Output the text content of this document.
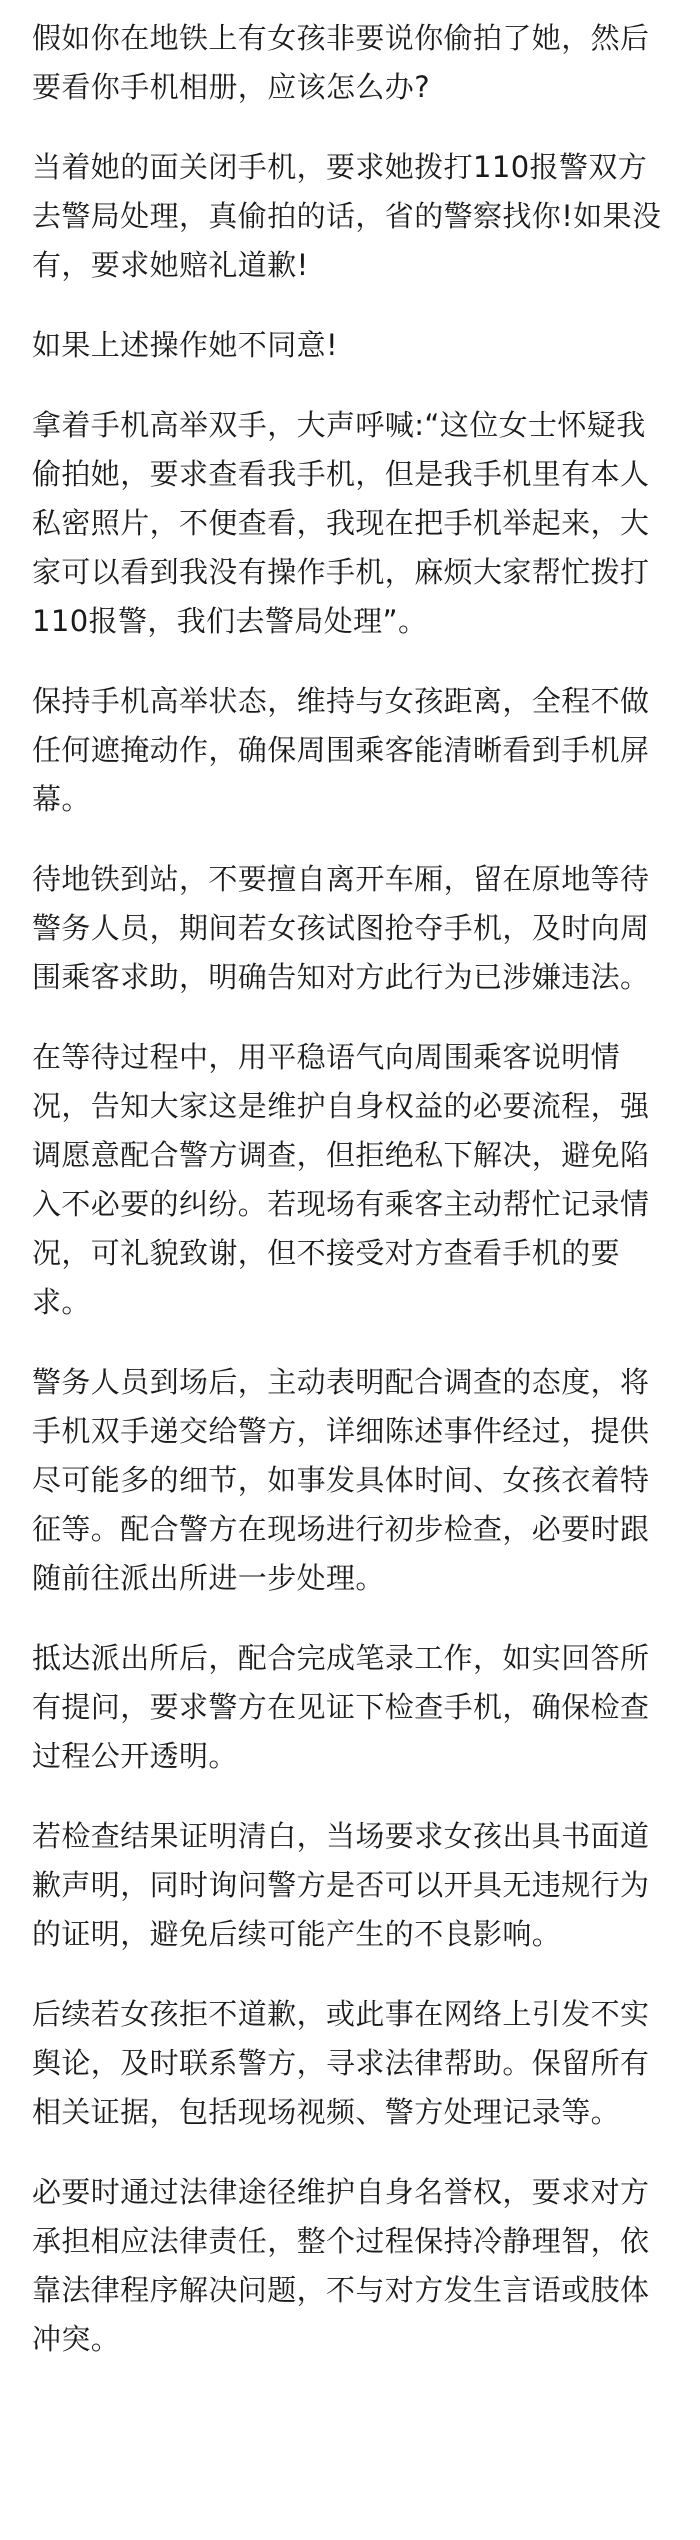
假如你在地铁上有女孩非要说你偷拍了她，然后要看你手机相册，应该怎么办?

当着她的面关闭手机，要求她拨打110报警双方去警局处理，真偷拍的话，省的警察找你!如果没有，要求她赔礼道歉!

如果上述操作她不同意!

拿着手机高举双手，大声呼喊:“这位女士怀疑我偷拍她，要求查看我手机，但是我手机里有本人私密照片，不便查看，我现在把手机举起来，大家可以看到我没有操作手机，麻烦大家帮忙拨打110报警，我们去警局处理”。

保持手机高举状态，维持与女孩距离，全程不做任何遮掩动作，确保周围乘客能清晰看到手机屏幕。

待地铁到站，不要擅自离开车厢，留在原地等待警务人员，期间若女孩试图抢夺手机，及时向周围乘客求助，明确告知对方此行为已涉嫌违法。

在等待过程中，用平稳语气向周围乘客说明情况，告知大家这是维护自身权益的必要流程，强调愿意配合警方调查，但拒绝私下解决，避免陷入不必要的纠纷。若现场有乘客主动帮忙记录情况，可礼貌致谢，但不接受对方查看手机的要求。

警务人员到场后，主动表明配合调查的态度，将手机双手递交给警方，详细陈述事件经过，提供尽可能多的细节，如事发具体时间、女孩衣着特征等。配合警方在现场进行初步检查，必要时跟随前往派出所进一步处理。

抵达派出所后，配合完成笔录工作，如实回答所有提问，要求警方在见证下检查手机，确保检查过程公开透明。

若检查结果证明清白，当场要求女孩出具书面道歉声明，同时询问警方是否可以开具无违规行为的证明，避免后续可能产生的不良影响。

后续若女孩拒不道歉，或此事在网络上引发不实舆论，及时联系警方，寻求法律帮助。保留所有相关证据，包括现场视频、警方处理记录等。

必要时通过法律途径维护自身名誉权，要求对方承担相应法律责任，整个过程保持冷静理智，依靠法律程序解决问题，不与对方发生言语或肢体冲突。
